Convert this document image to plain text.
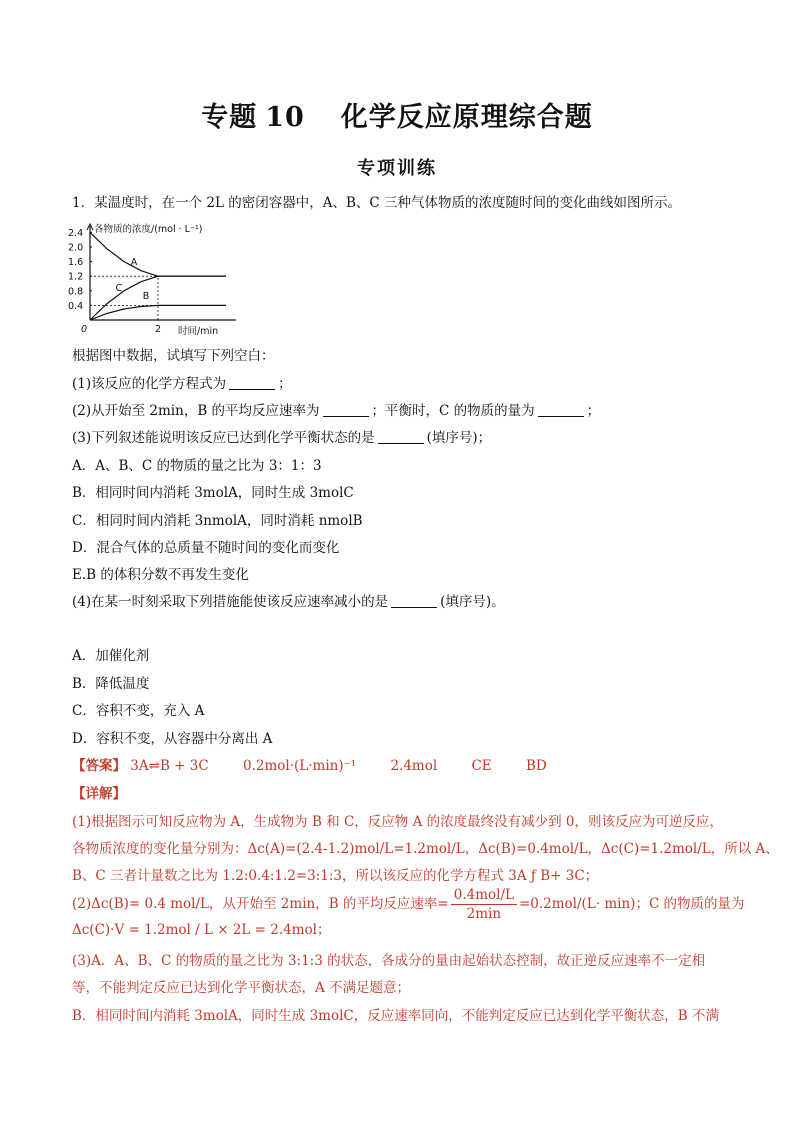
专题 10 化学反应原理综合题
专项训练
1．某温度时，在一个 2L 的密闭容器中，A、B、C 三种气体物质的浓度随时间的变化曲线如图所示。
各物质的浓度/(mol · L⁻¹)
时间/min
0.4
0.8
1.2
1.6
2.0
2.4
0	2
A
C
B
根据图中数据，试填写下列空白：
(1)该反应的化学方程式为	；
(2)从开始至 2min，B 的平均反应速率为	；平衡时，C 的物质的量为	；
(3)下列叙述能说明该反应已达到化学平衡状态的是	(填序号)；
A．A、B、C 的物质的量之比为 3：1：3
B．相同时间内消耗 3molA，同时生成 3molC
C．相同时间内消耗 3nmolA，同时消耗 nmolB
D．混合气体的总质量不随时间的变化而变化
E.B 的体积分数不再发生变化
(4)在某一时刻采取下列措施能使该反应速率减小的是	(填序号)。
A．加催化剂
B．降低温度
C．容积不变，充入 A
D．容积不变，从容器中分离出 A
【答案】 3A⇌B + 3C	0.2mol·(L·min)⁻¹	2.4mol	CE	BD
【详解】
(1)根据图示可知反应物为 A，生成物为 B 和 C，反应物 A 的浓度最终没有减少到 0，则该反应为可逆反应，
各物质浓度的变化量分别为：Δc(A)=(2.4-1.2)mol/L=1.2mol/L，Δc(B)=0.4mol/L，Δc(C)=1.2mol/L，所以 A、
B、C 三者计量数之比为 1.2:0.4:1.2=3:1:3，所以该反应的化学方程式 3A ƒ B+ 3C；
(2)Δc(B)= 0.4 mol/L，从开始至 2min，B 的平均反应速率= $\frac{\text{0.4mol/L}}{2\min} =0.2mol/(L\cdot \min)$；C 的物质的量为
Δc(C)·V = 1.2mol / L × 2L = 2.4mol；
(3)A．A、B、C 的物质的量之比为 3:1:3 的状态，各成分的量由起始状态控制，故正逆反应速率不一定相
等，不能判定反应已达到化学平衡状态，A 不满足题意；
B．相同时间内消耗 3molA，同时生成 3molC，反应速率同向，不能判定反应已达到化学平衡状态，B 不满
